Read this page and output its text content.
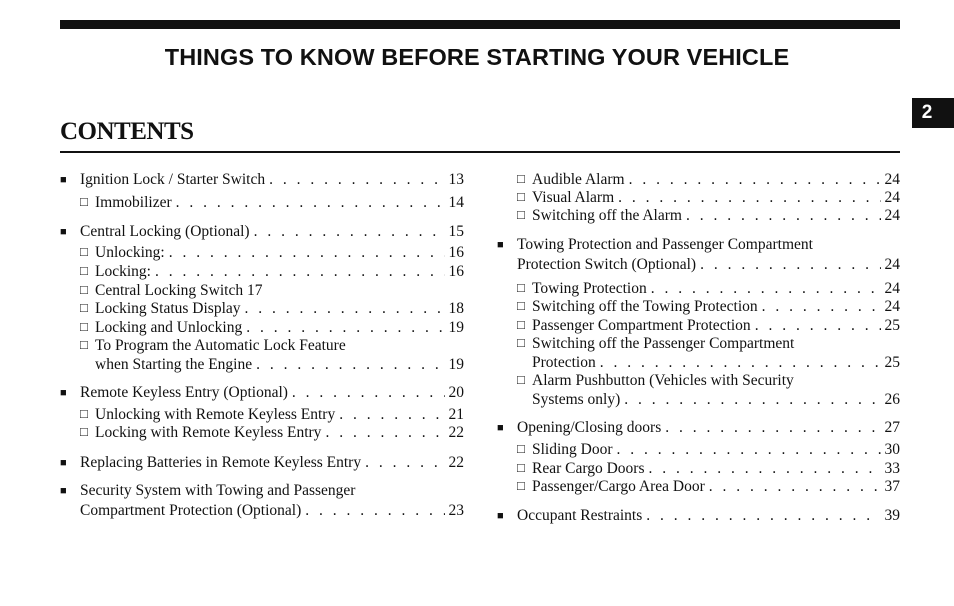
THINGS TO KNOW BEFORE STARTING YOUR VEHICLE
2
CONTENTS
■ Ignition Lock / Starter Switch . . .	13
□ Immobilizer . . .	14
■ Central Locking (Optional) . . .	15
□ Unlocking: . . .	16
□ Locking: . . .	16
□ Central Locking Switch 17
□ Locking Status Display . . .	18
□ Locking and Unlocking . . .	19
□ To Program the Automatic Lock Feature
when Starting the Engine . . .	19
■ Remote Keyless Entry (Optional) . . .	20
□ Unlocking with Remote Keyless Entry . . .	21
□ Locking with Remote Keyless Entry . . .	22
■ Replacing Batteries in Remote Keyless Entry . . .	22
■ Security System with Towing and Passenger
Compartment Protection (Optional) . . .	23
□ Audible Alarm . . .	24
□ Visual Alarm . . .	24
□ Switching off the Alarm . . .	24
■ Towing Protection and Passenger Compartment
Protection Switch (Optional) . . .	24
□ Towing Protection . . .	24
□ Switching off the Towing Protection . . .	24
□ Passenger Compartment Protection . . .	25
□ Switching off the Passenger Compartment
Protection . . .	25
□ Alarm Pushbutton (Vehicles with Security
Systems only) . . .	26
■ Opening/Closing doors . . .	27
□ Sliding Door . . .	30
□ Rear Cargo Doors . . .	33
□ Passenger/Cargo Area Door . . .	37
■ Occupant Restraints . . .	39
